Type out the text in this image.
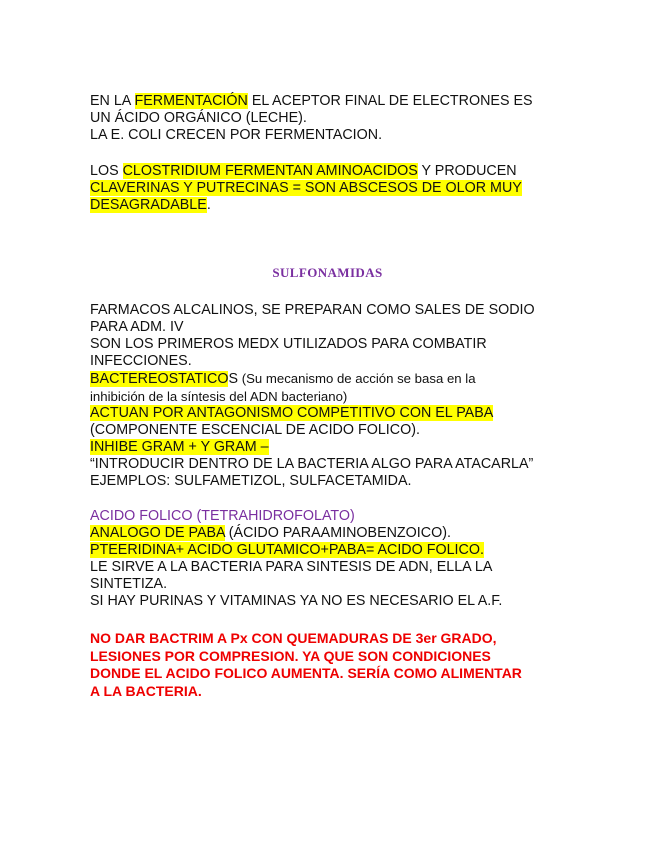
EN LA FERMENTACIÓN EL ACEPTOR FINAL DE ELECTRONES ES
UN ÁCIDO ORGÁNICO (LECHE).
LA E. COLI CRECEN POR FERMENTACION.
LOS CLOSTRIDIUM FERMENTAN AMINOACIDOS Y PRODUCEN
CLAVERINAS Y PUTRECINAS = SON ABSCESOS DE OLOR MUY
DESAGRADABLE.
SULFONAMIDAS
FARMACOS ALCALINOS, SE PREPARAN COMO SALES DE SODIO
PARA ADM. IV
SON LOS PRIMEROS MEDX UTILIZADOS PARA COMBATIR
INFECCIONES.
BACTEREOSTATICOS (Su mecanismo de acción se basa en la
inhibición de la síntesis del ADN bacteriano)
ACTUAN POR ANTAGONISMO COMPETITIVO CON EL PABA
(COMPONENTE ESCENCIAL DE ACIDO FOLICO).
INHIBE GRAM + Y GRAM –
“INTRODUCIR DENTRO DE LA BACTERIA ALGO PARA ATACARLA”
EJEMPLOS: SULFAMETIZOL, SULFACETAMIDA.
ACIDO FOLICO (TETRAHIDROFOLATO)
ANALOGO DE PABA (ÁCIDO PARAAMINOBENZOICO).
PTEERIDINA+ ACIDO GLUTAMICO+PABA= ACIDO FOLICO.
LE SIRVE A LA BACTERIA PARA SINTESIS DE ADN, ELLA LA
SINTETIZA.
SI HAY PURINAS Y VITAMINAS YA NO ES NECESARIO EL A.F.
NO DAR BACTRIM A Px CON QUEMADURAS DE 3er GRADO,
LESIONES POR COMPRESION. YA QUE SON CONDICIONES
DONDE EL ACIDO FOLICO AUMENTA. SERÍA COMO ALIMENTAR
A LA BACTERIA.
